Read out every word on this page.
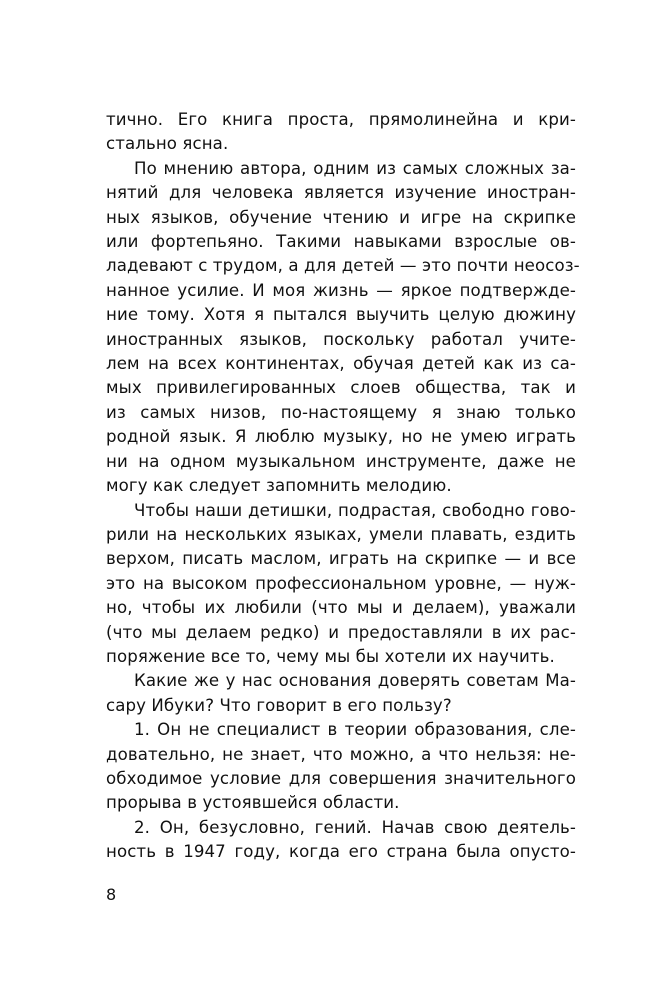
тично. Его книга проста, прямолинейна и кри-
стально ясна.
По мнению автора, одним из самых сложных за-
нятий для человека является изучение иностран-
ных языков, обучение чтению и игре на скрипке
или фортепьяно. Такими навыками взрослые ов-
ладевают с трудом, а для детей — это почти неосоз-
нанное усилие. И моя жизнь — яркое подтвержде-
ние тому. Хотя я пытался выучить целую дюжину
иностранных языков, поскольку работал учите-
лем на всех континентах, обучая детей как из са-
мых привилегированных слоев общества, так и
из самых низов, по-настоящему я знаю только
родной язык. Я люблю музыку, но не умею играть
ни на одном музыкальном инструменте, даже не
могу как следует запомнить мелодию.
Чтобы наши детишки, подрастая, свободно гово-
рили на нескольких языках, умели плавать, ездить
верхом, писать маслом, играть на скрипке — и все
это на высоком профессиональном уровне, — нуж-
но, чтобы их любили (что мы и делаем), уважали
(что мы делаем редко) и предоставляли в их рас-
поряжение все то, чему мы бы хотели их научить.
Какие же у нас основания доверять советам Ма-
сару Ибуки? Что говорит в его пользу?
1. Он не специалист в теории образования, сле-
довательно, не знает, что можно, а что нельзя: не-
обходимое условие для совершения значительного
прорыва в устоявшейся области.
2. Он, безусловно, гений. Начав свою деятель-
ность в 1947 году, когда его страна была опусто-
8
